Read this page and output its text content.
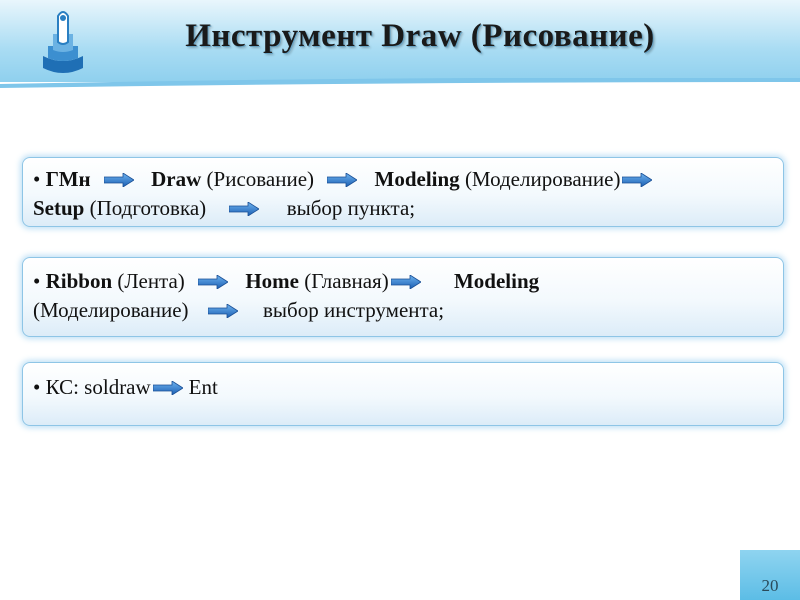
Инструмент Draw (Рисование)
• ГМн	Draw (Рисование)	Modeling (Моделирование)
Setup (Подготовка)	выбор пункта;
• Ribbon (Лента)	Home (Главная)	Modeling
(Моделирование)	выбор инструмента;
• КС: soldraw Ent
20
